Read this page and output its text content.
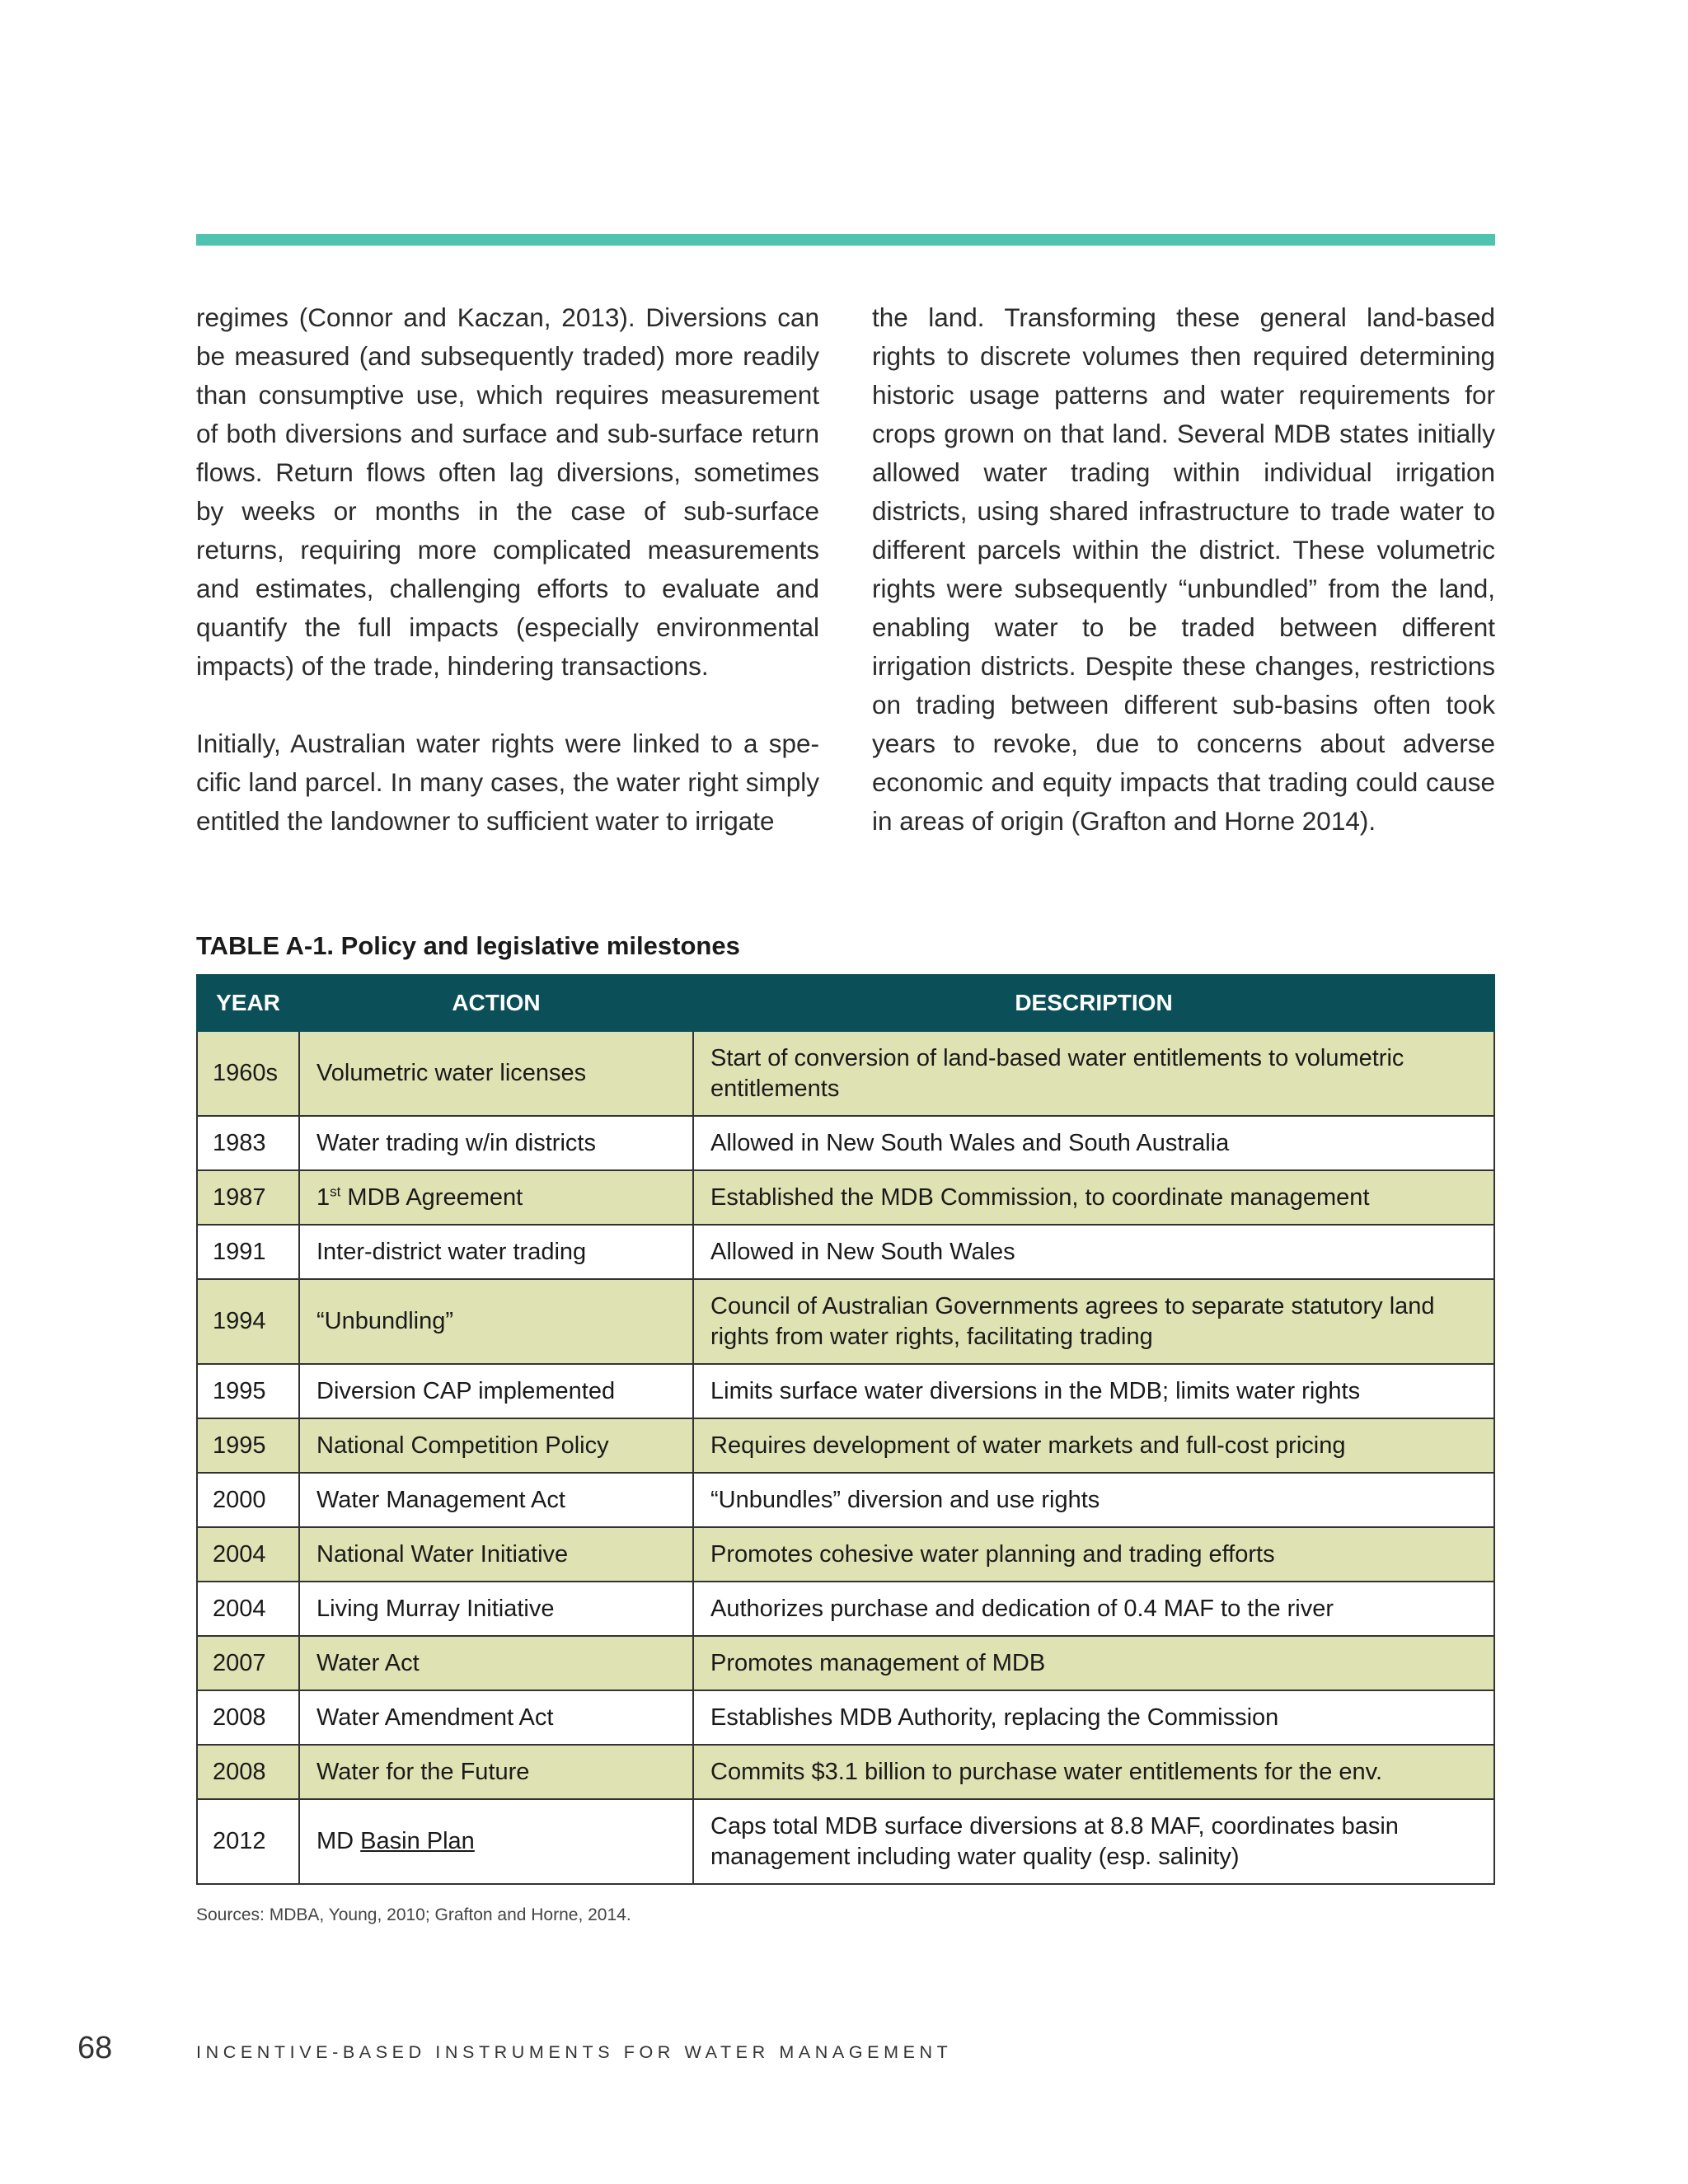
regimes (Connor and Kaczan, 2013). Diversions can be measured (and subsequently traded) more readily than consumptive use, which requires measurement of both diversions and surface and sub-surface return flows. Return flows often lag diversions, sometimes by weeks or months in the case of sub-surface returns, requiring more complicated measurements and estimates, challenging efforts to evaluate and quantify the full impacts (especially environmental impacts) of the trade, hindering transactions.

Initially, Australian water rights were linked to a specific land parcel. In many cases, the water right simply entitled the landowner to sufficient water to irrigate

the land. Transforming these general land-based rights to discrete volumes then required determining historic usage patterns and water requirements for crops grown on that land. Several MDB states initially allowed water trading within individual irrigation districts, using shared infrastructure to trade water to different parcels within the district. These volumetric rights were subsequently “unbundled” from the land, enabling water to be traded between different irrigation districts. Despite these changes, restrictions on trading between different sub-basins often took years to revoke, due to concerns about adverse economic and equity impacts that trading could cause in areas of origin (Grafton and Horne 2014).

TABLE A-1. Policy and legislative milestones
YEAR	ACTION	DESCRIPTION
1960s	Volumetric water licenses	Start of conversion of land-based water entitlements to volumetric entitlements
1983	Water trading w/in districts	Allowed in New South Wales and South Australia
1987	1st MDB Agreement	Established the MDB Commission, to coordinate management
1991	Inter-district water trading	Allowed in New South Wales
1994	“Unbundling”	Council of Australian Governments agrees to separate statutory land rights from water rights, facilitating trading
1995	Diversion CAP implemented	Limits surface water diversions in the MDB; limits water rights
1995	National Competition Policy	Requires development of water markets and full-cost pricing
2000	Water Management Act	“Unbundles” diversion and use rights
2004	National Water Initiative	Promotes cohesive water planning and trading efforts
2004	Living Murray Initiative	Authorizes purchase and dedication of 0.4 MAF to the river
2007	Water Act	Promotes management of MDB
2008	Water Amendment Act	Establishes MDB Authority, replacing the Commission
2008	Water for the Future	Commits $3.1 billion to purchase water entitlements for the env.
2012	MD Basin Plan	Caps total MDB surface diversions at 8.8 MAF, coordinates basin management including water quality (esp. salinity)
Sources: MDBA, Young, 2010; Grafton and Horne, 2014.
68	INCENTIVE-BASED INSTRUMENTS FOR WATER MANAGEMENT
